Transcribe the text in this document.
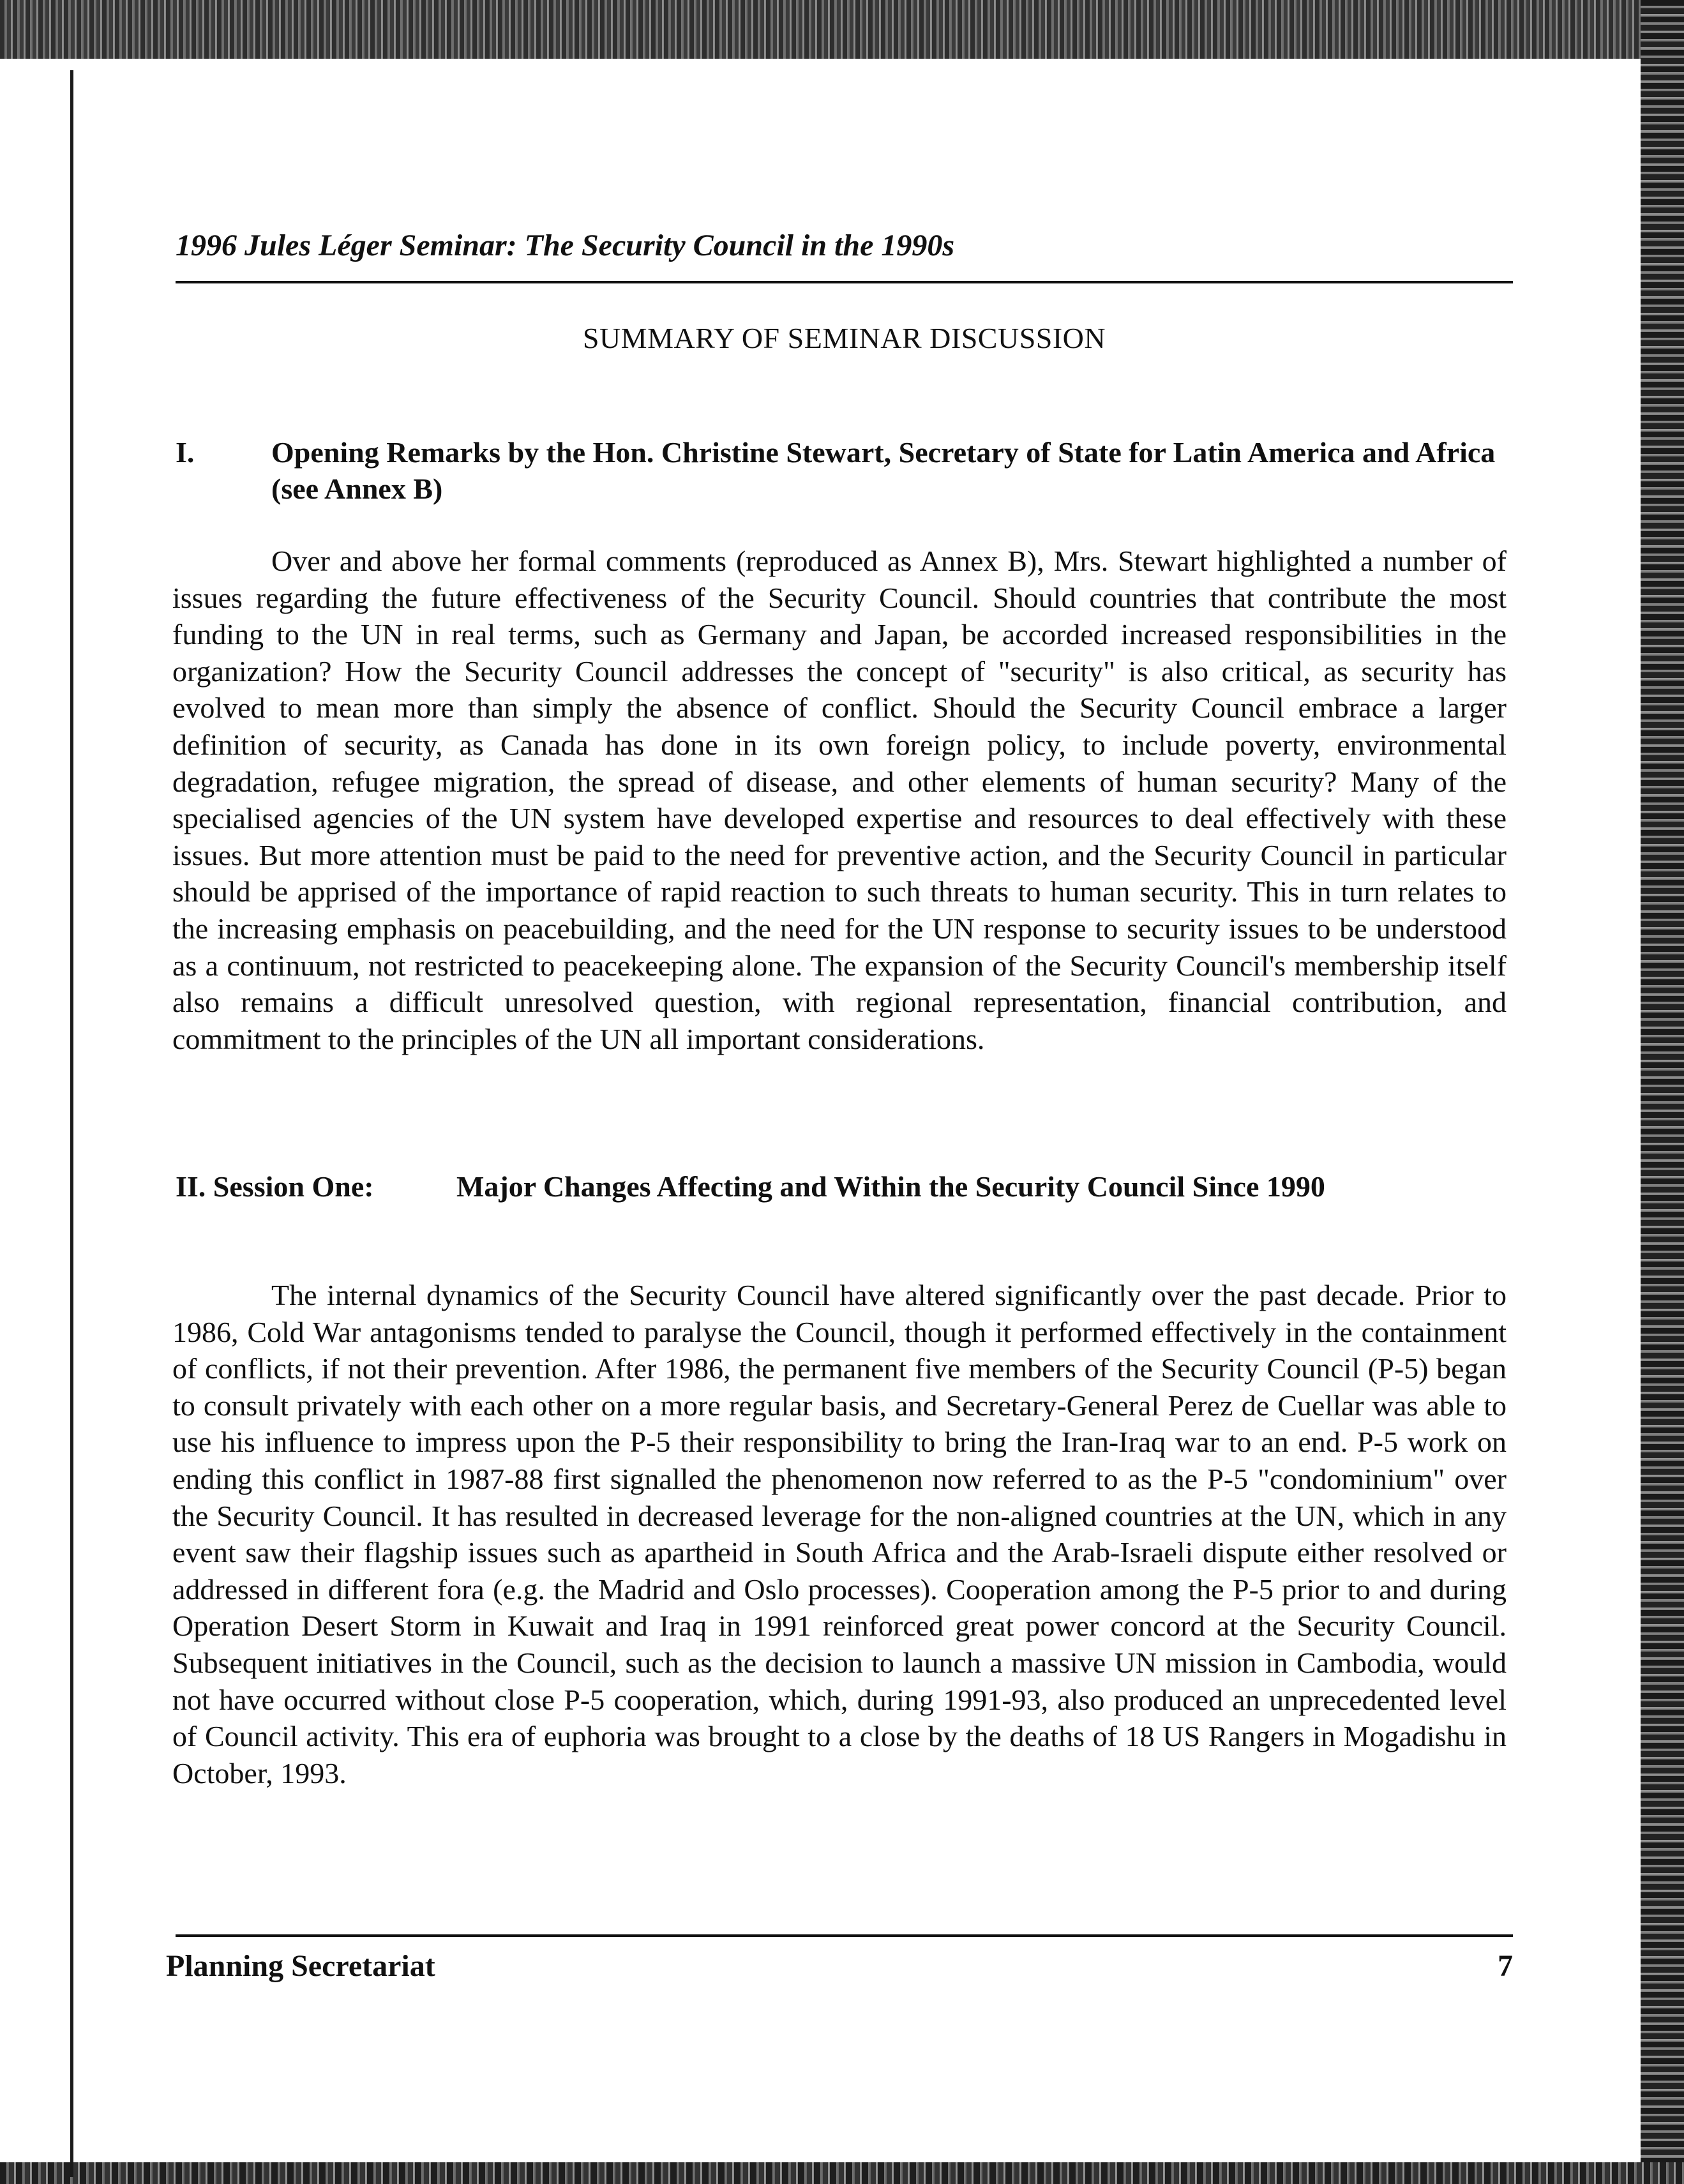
1996 Jules Léger Seminar: The Security Council in the 1990s
SUMMARY OF SEMINAR DISCUSSION
I.	Opening Remarks by the Hon. Christine Stewart, Secretary of State for Latin America and Africa (see Annex B)

Over and above her formal comments (reproduced as Annex B), Mrs. Stewart highlighted a number of issues regarding the future effectiveness of the Security Council. Should countries that contribute the most funding to the UN in real terms, such as Germany and Japan, be accorded increased responsibilities in the organization? How the Security Council addresses the concept of "security" is also critical, as security has evolved to mean more than simply the absence of conflict. Should the Security Council embrace a larger definition of security, as Canada has done in its own foreign policy, to include poverty, environmental degradation, refugee migration, the spread of disease, and other elements of human security? Many of the specialised agencies of the UN system have developed expertise and resources to deal effectively with these issues. But more attention must be paid to the need for preventive action, and the Security Council in particular should be apprised of the importance of rapid reaction to such threats to human security. This in turn relates to the increasing emphasis on peacebuilding, and the need for the UN response to security issues to be understood as a continuum, not restricted to peacekeeping alone. The expansion of the Security Council's membership itself also remains a difficult unresolved question, with regional representation, financial contribution, and commitment to the principles of the UN all important considerations.

II. Session One:	Major Changes Affecting and Within the Security Council Since 1990

The internal dynamics of the Security Council have altered significantly over the past decade. Prior to 1986, Cold War antagonisms tended to paralyse the Council, though it performed effectively in the containment of conflicts, if not their prevention. After 1986, the permanent five members of the Security Council (P-5) began to consult privately with each other on a more regular basis, and Secretary-General Perez de Cuellar was able to use his influence to impress upon the P-5 their responsibility to bring the Iran-Iraq war to an end. P-5 work on ending this conflict in 1987-88 first signalled the phenomenon now referred to as the P-5 "condominium" over the Security Council. It has resulted in decreased leverage for the non-aligned countries at the UN, which in any event saw their flagship issues such as apartheid in South Africa and the Arab-Israeli dispute either resolved or addressed in different fora (e.g. the Madrid and Oslo processes). Cooperation among the P-5 prior to and during Operation Desert Storm in Kuwait and Iraq in 1991 reinforced great power concord at the Security Council. Subsequent initiatives in the Council, such as the decision to launch a massive UN mission in Cambodia, would not have occurred without close P-5 cooperation, which, during 1991-93, also produced an unprecedented level of Council activity. This era of euphoria was brought to a close by the deaths of 18 US Rangers in Mogadishu in October, 1993.

Planning Secretariat	7
